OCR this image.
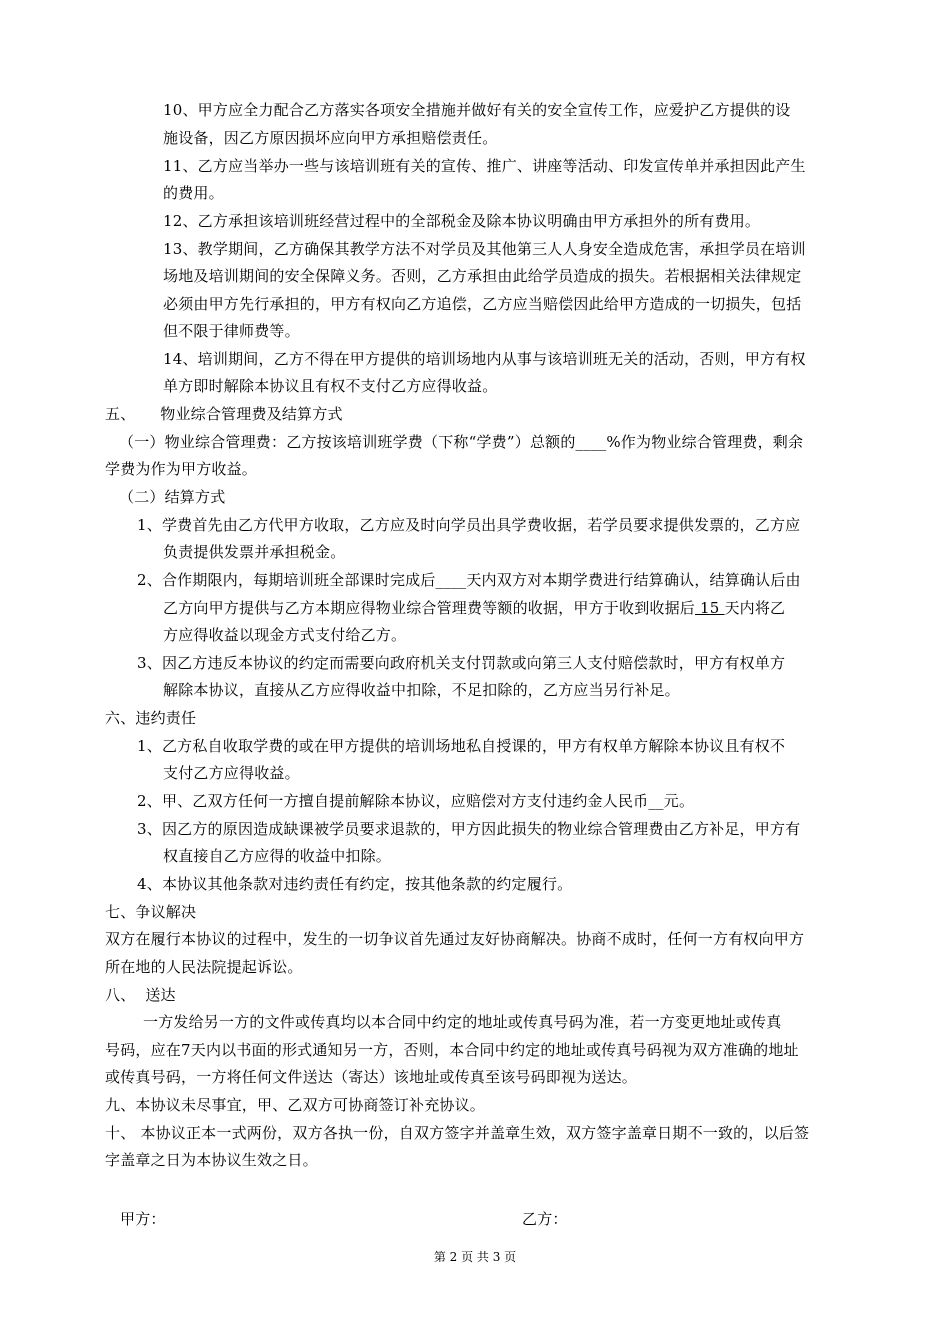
10、甲方应全力配合乙方落实各项安全措施并做好有关的安全宣传工作，应爱护乙方提供的设
施设备，因乙方原因损坏应向甲方承担赔偿责任。
11、乙方应当举办一些与该培训班有关的宣传、推广、讲座等活动、印发宣传单并承担因此产生
的费用。
12、乙方承担该培训班经营过程中的全部税金及除本协议明确由甲方承担外的所有费用。
13、教学期间，乙方确保其教学方法不对学员及其他第三人人身安全造成危害，承担学员在培训
场地及培训期间的安全保障义务。否则，乙方承担由此给学员造成的损失。若根据相关法律规定
必须由甲方先行承担的，甲方有权向乙方追偿，乙方应当赔偿因此给甲方造成的一切损失，包括
但不限于律师费等。
14、培训期间，乙方不得在甲方提供的培训场地内从事与该培训班无关的活动，否则，甲方有权
单方即时解除本协议且有权不支付乙方应得收益。
五、     物业综合管理费及结算方式
（一）物业综合管理费：乙方按该培训班学费（下称“学费”）总额的____%作为物业综合管理费，剩余
学费为作为甲方收益。
（二）结算方式
1、学费首先由乙方代甲方收取，乙方应及时向学员出具学费收据，若学员要求提供发票的，乙方应
负责提供发票并承担税金。
2、合作期限内，每期培训班全部课时完成后____天内双方对本期学费进行结算确认，结算确认后由
乙方向甲方提供与乙方本期应得物业综合管理费等额的收据，甲方于收到收据后 15 天内将乙
方应得收益以现金方式支付给乙方。
3、因乙方违反本协议的约定而需要向政府机关支付罚款或向第三人支付赔偿款时，甲方有权单方
解除本协议，直接从乙方应得收益中扣除，不足扣除的，乙方应当另行补足。
六、违约责任
1、乙方私自收取学费的或在甲方提供的培训场地私自授课的，甲方有权单方解除本协议且有权不
支付乙方应得收益。
2、甲、乙双方任何一方擅自提前解除本协议，应赔偿对方支付违约金人民币__元。
3、因乙方的原因造成缺课被学员要求退款的，甲方因此损失的物业综合管理费由乙方补足，甲方有
权直接自乙方应得的收益中扣除。
4、本协议其他条款对违约责任有约定，按其他条款的约定履行。
七、争议解决
双方在履行本协议的过程中，发生的一切争议首先通过友好协商解决。协商不成时，任何一方有权向甲方
所在地的人民法院提起诉讼。
八、  送达
一方发给另一方的文件或传真均以本合同中约定的地址或传真号码为准，若一方变更地址或传真
号码，应在7天内以书面的形式通知另一方，否则，本合同中约定的地址或传真号码视为双方准确的地址
或传真号码，一方将任何文件送达（寄达）该地址或传真至该号码即视为送达。
九、本协议未尽事宜，甲、乙双方可协商签订补充协议。
十、 本协议正本一式两份，双方各执一份，自双方签字并盖章生效，双方签字盖章日期不一致的，以后签
字盖章之日为本协议生效之日。
甲方：	乙方：
第 2 页 共 3 页
